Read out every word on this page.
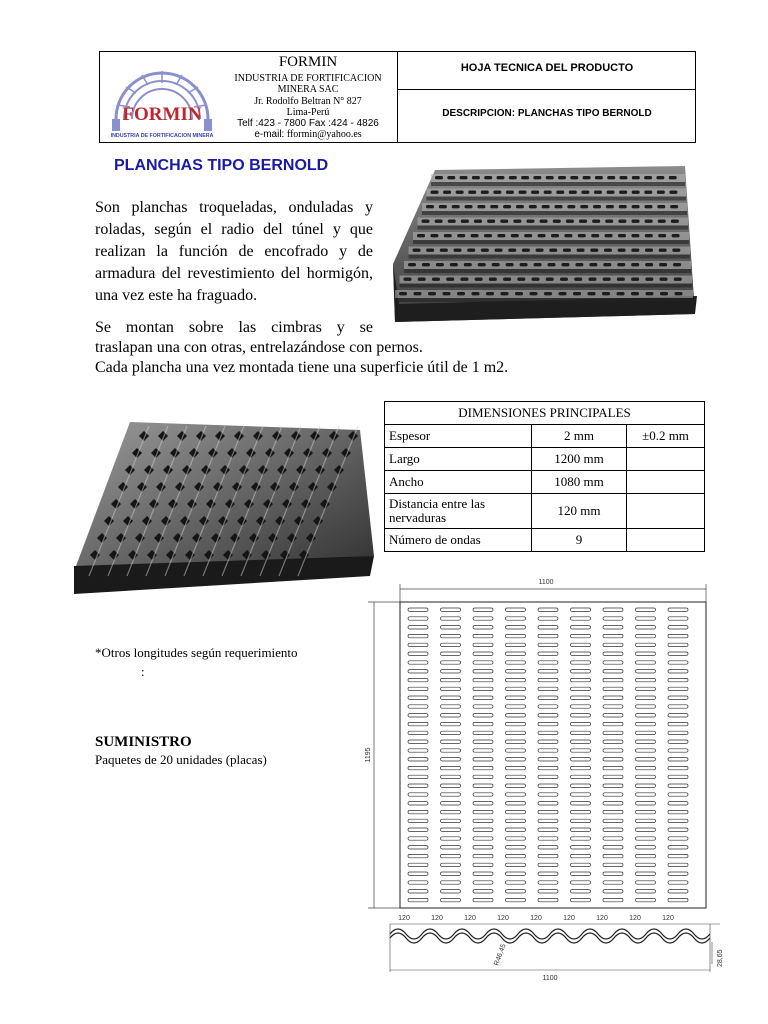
FORMIN
INDUSTRIA DE FORTIFICACION MINERA
FORMIN
INDUSTRIA DE FORTIFICACION
MINERA SAC
Jr. Rodolfo Beltran N° 827
Lima-Perú
Telf :423 - 7800 Fax :424 - 4826
e-mail: fformin@yahoo.es
HOJA TECNICA DEL PRODUCTO
DESCRIPCION: PLANCHAS TIPO BERNOLD
PLANCHAS TIPO BERNOLD
Son planchas troqueladas, onduladas y roladas, según el radio del túnel y que realizan la función de encofrado y de armadura del revestimiento del hormigón, una vez este ha fraguado.
Se montan sobre las cimbras y se
traslapan una con otras, entrelazándose con pernos.
Cada plancha una vez montada tiene una superficie útil de 1 m2.
DIMENSIONES PRINCIPALES		
Espesor	2 mm	±0.2 mm
Largo	1200 mm	
Ancho	1080 mm	
Distancia entre las nervaduras	120 mm	
Número de ondas	9	
*Otros longitudes según requerimiento
:
SUMINISTRO
Paquetes de 20 unidades (placas)
1100
1195
120	120	120	120	120	120	120	120	120
1100
R46,45	28,65
